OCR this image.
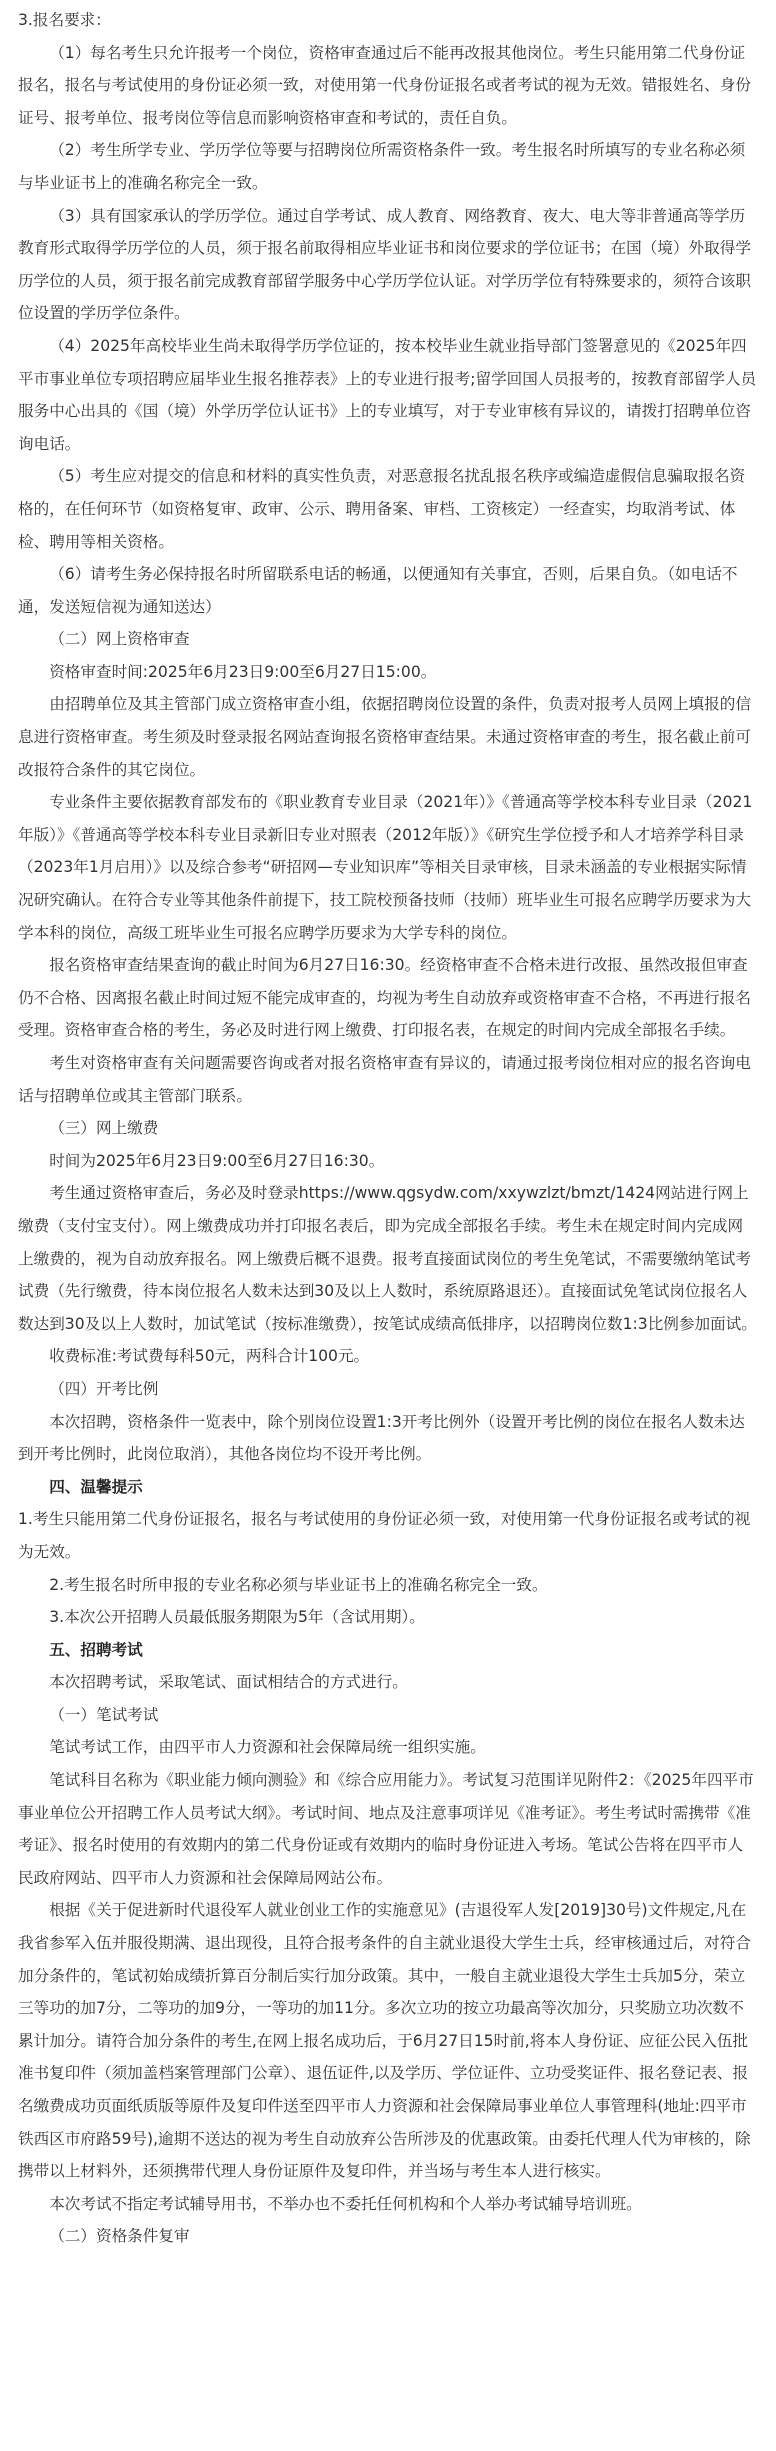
3.报名要求：

（1）每名考生只允许报考一个岗位，资格审查通过后不能再改报其他岗位。考生只能用第二代身份证报名，报名与考试使用的身份证必须一致，对使用第一代身份证报名或者考试的视为无效。错报姓名、身份证号、报考单位、报考岗位等信息而影响资格审查和考试的，责任自负。

（2）考生所学专业、学历学位等要与招聘岗位所需资格条件一致。考生报名时所填写的专业名称必须与毕业证书上的准确名称完全一致。

（3）具有国家承认的学历学位。通过自学考试、成人教育、网络教育、夜大、电大等非普通高等学历教育形式取得学历学位的人员，须于报名前取得相应毕业证书和岗位要求的学位证书；在国（境）外取得学历学位的人员，须于报名前完成教育部留学服务中心学历学位认证。对学历学位有特殊要求的，须符合该职位设置的学历学位条件。

（4）2025年高校毕业生尚未取得学历学位证的，按本校毕业生就业指导部门签署意见的《2025年四平市事业单位专项招聘应届毕业生报名推荐表》上的专业进行报考;留学回国人员报考的，按教育部留学人员服务中心出具的《国（境）外学历学位认证书》上的专业填写，对于专业审核有异议的，请拨打招聘单位咨询电话。

（5）考生应对提交的信息和材料的真实性负责，对恶意报名扰乱报名秩序或编造虚假信息骗取报名资格的，在任何环节（如资格复审、政审、公示、聘用备案、审档、工资核定）一经查实，均取消考试、体检、聘用等相关资格。

（6）请考生务必保持报名时所留联系电话的畅通，以便通知有关事宜，否则，后果自负。（如电话不通，发送短信视为通知送达）

（二）网上资格审查

资格审查时间:2025年6月23日9:00至6月27日15:00。

由招聘单位及其主管部门成立资格审查小组，依据招聘岗位设置的条件，负责对报考人员网上填报的信息进行资格审查。考生须及时登录报名网站查询报名资格审查结果。未通过资格审查的考生，报名截止前可改报符合条件的其它岗位。

专业条件主要依据教育部发布的《职业教育专业目录（2021年）》《普通高等学校本科专业目录（2021年版）》《普通高等学校本科专业目录新旧专业对照表（2012年版）》《研究生学位授予和人才培养学科目录（2023年1月启用）》以及综合参考“研招网—专业知识库”等相关目录审核，目录未涵盖的专业根据实际情况研究确认。在符合专业等其他条件前提下，技工院校预备技师（技师）班毕业生可报名应聘学历要求为大学本科的岗位，高级工班毕业生可报名应聘学历要求为大学专科的岗位。

报名资格审查结果查询的截止时间为6月27日16:30。经资格审查不合格未进行改报、虽然改报但审查仍不合格、因离报名截止时间过短不能完成审查的，均视为考生自动放弃或资格审查不合格，不再进行报名受理。资格审查合格的考生，务必及时进行网上缴费、打印报名表，在规定的时间内完成全部报名手续。

考生对资格审查有关问题需要咨询或者对报名资格审查有异议的，请通过报考岗位相对应的报名咨询电话与招聘单位或其主管部门联系。

（三）网上缴费

时间为2025年6月23日9:00至6月27日16:30。

考生通过资格审查后，务必及时登录https://www.qgsydw.com/xxywzlzt/bmzt/1424网站进行网上缴费（支付宝支付）。网上缴费成功并打印报名表后，即为完成全部报名手续。考生未在规定时间内完成网上缴费的，视为自动放弃报名。网上缴费后概不退费。报考直接面试岗位的考生免笔试，不需要缴纳笔试考试费（先行缴费，待本岗位报名人数未达到30及以上人数时，系统原路退还）。直接面试免笔试岗位报名人数达到30及以上人数时，加试笔试（按标准缴费），按笔试成绩高低排序，以招聘岗位数1:3比例参加面试。

收费标准:考试费每科50元，两科合计100元。

（四）开考比例

本次招聘，资格条件一览表中，除个别岗位设置1:3开考比例外（设置开考比例的岗位在报名人数未达到开考比例时，此岗位取消），其他各岗位均不设开考比例。

四、温馨提示

1.考生只能用第二代身份证报名，报名与考试使用的身份证必须一致，对使用第一代身份证报名或考试的视为无效。

2.考生报名时所申报的专业名称必须与毕业证书上的准确名称完全一致。

3.本次公开招聘人员最低服务期限为5年（含试用期）。

五、招聘考试

本次招聘考试，采取笔试、面试相结合的方式进行。

（一）笔试考试

笔试考试工作，由四平市人力资源和社会保障局统一组织实施。

笔试科目名称为《职业能力倾向测验》和《综合应用能力》。考试复习范围详见附件2：《2025年四平市事业单位公开招聘工作人员考试大纲》。考试时间、地点及注意事项详见《准考证》。考生考试时需携带《准考证》、报名时使用的有效期内的第二代身份证或有效期内的临时身份证进入考场。笔试公告将在四平市人民政府网站、四平市人力资源和社会保障局网站公布。

根据《关于促进新时代退役军人就业创业工作的实施意见》(吉退役军人发[2019]30号)文件规定,凡在我省参军入伍并服役期满、退出现役，且符合报考条件的自主就业退役大学生士兵，经审核通过后，对符合加分条件的，笔试初始成绩折算百分制后实行加分政策。其中，一般自主就业退役大学生士兵加5分，荣立三等功的加7分，二等功的加9分，一等功的加11分。多次立功的按立功最高等次加分，只奖励立功次数不累计加分。请符合加分条件的考生,在网上报名成功后，于6月27日15时前,将本人身份证、应征公民入伍批准书复印件（须加盖档案管理部门公章）、退伍证件,以及学历、学位证件、立功受奖证件、报名登记表、报名缴费成功页面纸质版等原件及复印件送至四平市人力资源和社会保障局事业单位人事管理科(地址:四平市铁西区市府路59号),逾期不送达的视为考生自动放弃公告所涉及的优惠政策。由委托代理人代为审核的，除携带以上材料外，还须携带代理人身份证原件及复印件，并当场与考生本人进行核实。

本次考试不指定考试辅导用书，不举办也不委托任何机构和个人举办考试辅导培训班。

（二）资格条件复审
